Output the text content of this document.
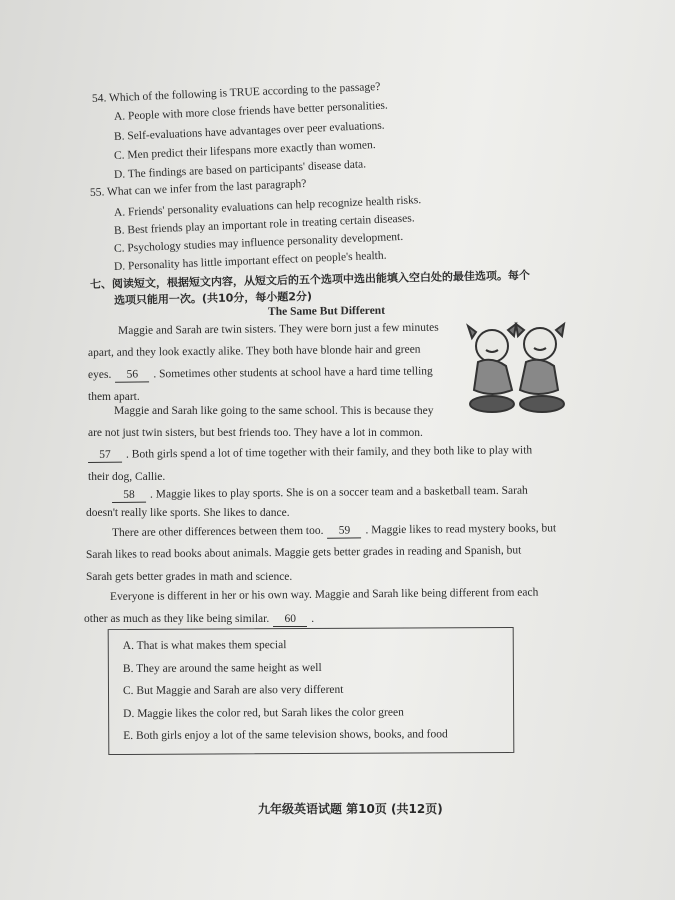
54. Which of the following is TRUE according to the passage?
A. People with more close friends have better personalities.
B. Self-evaluations have advantages over peer evaluations.
C. Men predict their lifespans more exactly than women.
D. The findings are based on participants' disease data.
55. What can we infer from the last paragraph?
A. Friends' personality evaluations can help recognize health risks.
B. Best friends play an important role in treating certain diseases.
C. Psychology studies may influence personality development.
D. Personality has little important effect on people's health.
七、阅读短文，根据短文内容，从短文后的五个选项中选出能填入空白处的最佳选项。每个
选项只能用一次。(共10分，每小题2分)
The Same But Different
Maggie and Sarah are twin sisters. They were born just a few minutes
apart, and they look exactly alike. They both have blonde hair and green
eyes. 56 . Sometimes other students at school have a hard time telling
them apart.
Maggie and Sarah like going to the same school. This is because they
are not just twin sisters, but best friends too. They have a lot in common.
57 . Both girls spend a lot of time together with their family, and they both like to play with
their dog, Callie.
58 . Maggie likes to play sports. She is on a soccer team and a basketball team. Sarah
doesn't really like sports. She likes to dance.
There are other differences between them too. 59 . Maggie likes to read mystery books, but
Sarah likes to read books about animals. Maggie gets better grades in reading and Spanish, but
Sarah gets better grades in math and science.
Everyone is different in her or his own way. Maggie and Sarah like being different from each
other as much as they like being similar. 60 .
A. That is what makes them special
B. They are around the same height as well
C. But Maggie and Sarah are also very different
D. Maggie likes the color red, but Sarah likes the color green
E. Both girls enjoy a lot of the same television shows, books, and food
九年级英语试题 第10页 (共12页)
